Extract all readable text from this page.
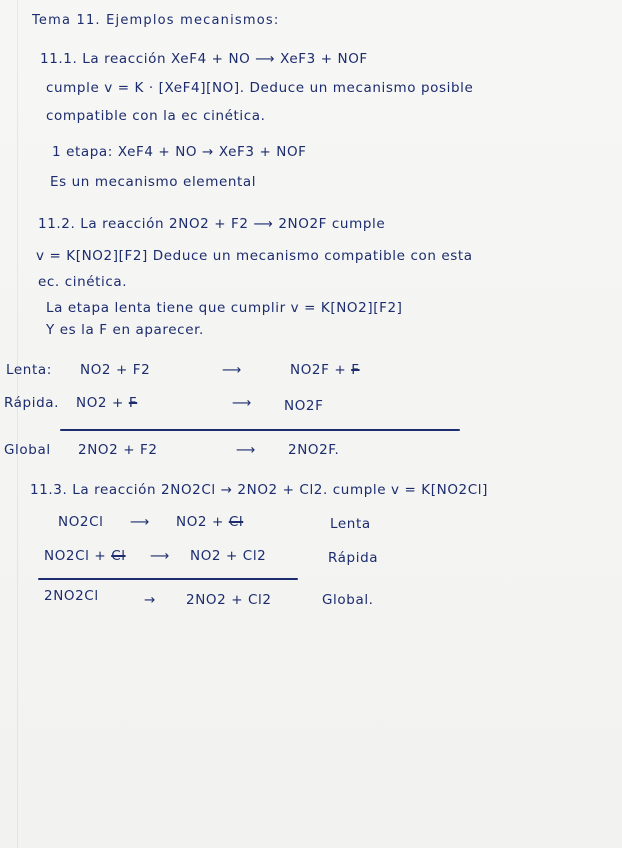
Tema 11. Ejemplos mecanismos:
11.1. La reacción XeF4 + NO ⟶ XeF3 + NOF
cumple v = K · [XeF4][NO]. Deduce un mecanismo posible
compatible con la ec cinética.
1 etapa: XeF4 + NO → XeF3 + NOF
Es un mecanismo elemental
11.2. La reacción 2NO2 + F2 ⟶ 2NO2F cumple
v = K[NO2][F2] Deduce un mecanismo compatible con esta
ec. cinética.
La etapa lenta tiene que cumplir v = K[NO2][F2]
Y es la F en aparecer.
Lenta: NO2 + F2	⟶	NO2F + F
Rápida. NO2 + F	⟶ NO2F
Global 2NO2 + F2	⟶ 2NO2F.
11.3. La reacción 2NO2Cl → 2NO2 + Cl2. cumple v = K[NO2Cl]
NO2Cl ⟶ NO2 + Cl	Lenta
NO2Cl + Cl ⟶ NO2 + Cl2	Rápida
2NO2Cl	→ 2NO2 + Cl2	Global.
